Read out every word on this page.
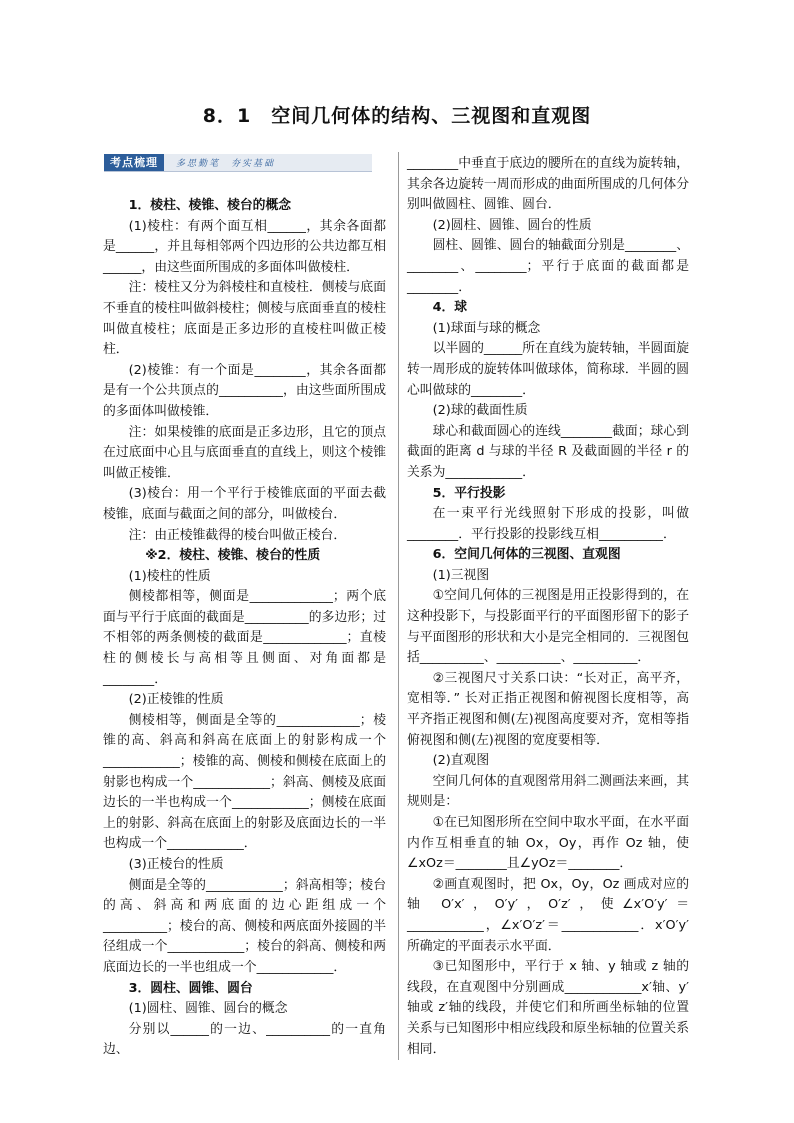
8．1　空间几何体的结构、三视图和直观图
考点梳理	多思勤笔　夯实基础

1．棱柱、棱锥、棱台的概念

(1)棱柱：有两个面互相______，其余各面都是______，并且每相邻两个四边形的公共边都互相______，由这些面所围成的多面体叫做棱柱．

注：棱柱又分为斜棱柱和直棱柱．侧棱与底面不垂直的棱柱叫做斜棱柱；侧棱与底面垂直的棱柱叫做直棱柱；底面是正多边形的直棱柱叫做正棱柱．

(2)棱锥：有一个面是________，其余各面都是有一个公共顶点的__________，由这些面所围成的多面体叫做棱锥．

注：如果棱锥的底面是正多边形，且它的顶点在过底面中心且与底面垂直的直线上，则这个棱锥叫做正棱锥．

(3)棱台：用一个平行于棱锥底面的平面去截棱锥，底面与截面之间的部分，叫做棱台．

注：由正棱锥截得的棱台叫做正棱台．

※2．棱柱、棱锥、棱台的性质

(1)棱柱的性质

侧棱都相等，侧面是_____________；两个底面与平行于底面的截面是__________的多边形；过不相邻的两条侧棱的截面是_____________；直棱柱的侧棱长与高相等且侧面、对角面都是________．

(2)正棱锥的性质

侧棱相等，侧面是全等的_____________；棱锥的高、斜高和斜高在底面上的射影构成一个____________；棱锥的高、侧棱和侧棱在底面上的射影也构成一个____________；斜高、侧棱及底面边长的一半也构成一个____________；侧棱在底面上的射影、斜高在底面上的射影及底面边长的一半也构成一个____________．

(3)正棱台的性质

侧面是全等的____________；斜高相等；棱台的高、斜高和两底面的边心距组成一个__________；棱台的高、侧棱和两底面外接圆的半径组成一个____________；棱台的斜高、侧棱和两底面边长的一半也组成一个____________．

3．圆柱、圆锥、圆台

(1)圆柱、圆锥、圆台的概念

分别以______的一边、__________的一直角边、

________中垂直于底边的腰所在的直线为旋转轴，其余各边旋转一周而形成的曲面所围成的几何体分别叫做圆柱、圆锥、圆台．

(2)圆柱、圆锥、圆台的性质

圆柱、圆锥、圆台的轴截面分别是________、________、________；平行于底面的截面都是________．

4．球

(1)球面与球的概念

以半圆的______所在直线为旋转轴，半圆面旋转一周形成的旋转体叫做球体，简称球．半圆的圆心叫做球的________．

(2)球的截面性质

球心和截面圆心的连线________截面；球心到截面的距离 d 与球的半径 R 及截面圆的半径 r 的关系为____________．

5．平行投影

在一束平行光线照射下形成的投影，叫做________．平行投影的投影线互相__________．

6．空间几何体的三视图、直观图

(1)三视图

①空间几何体的三视图是用正投影得到的，在这种投影下，与投影面平行的平面图形留下的影子与平面图形的形状和大小是完全相同的．三视图包括__________、__________、__________．

②三视图尺寸关系口诀：“长对正，高平齐，宽相等．” 长对正指正视图和俯视图长度相等，高平齐指正视图和侧(左)视图高度要对齐，宽相等指俯视图和侧(左)视图的宽度要相等．

(2)直观图

空间几何体的直观图常用斜二测画法来画，其规则是：

①在已知图形所在空间中取水平面，在水平面内作互相垂直的轴 Ox，Oy，再作 Oz 轴，使∠xOz＝________且∠yOz＝________．

②画直观图时，把 Ox，Oy，Oz 画成对应的轴 O′x′，O′y′，O′z′，使∠x′O′y′＝____________，∠x′O′z′＝____________．x′O′y′所确定的平面表示水平面．

③已知图形中，平行于 x 轴、y 轴或 z 轴的线段，在直观图中分别画成____________x′轴、y′轴或 z′轴的线段，并使它们和所画坐标轴的位置关系与已知图形中相应线段和原坐标轴的位置关系相同．
